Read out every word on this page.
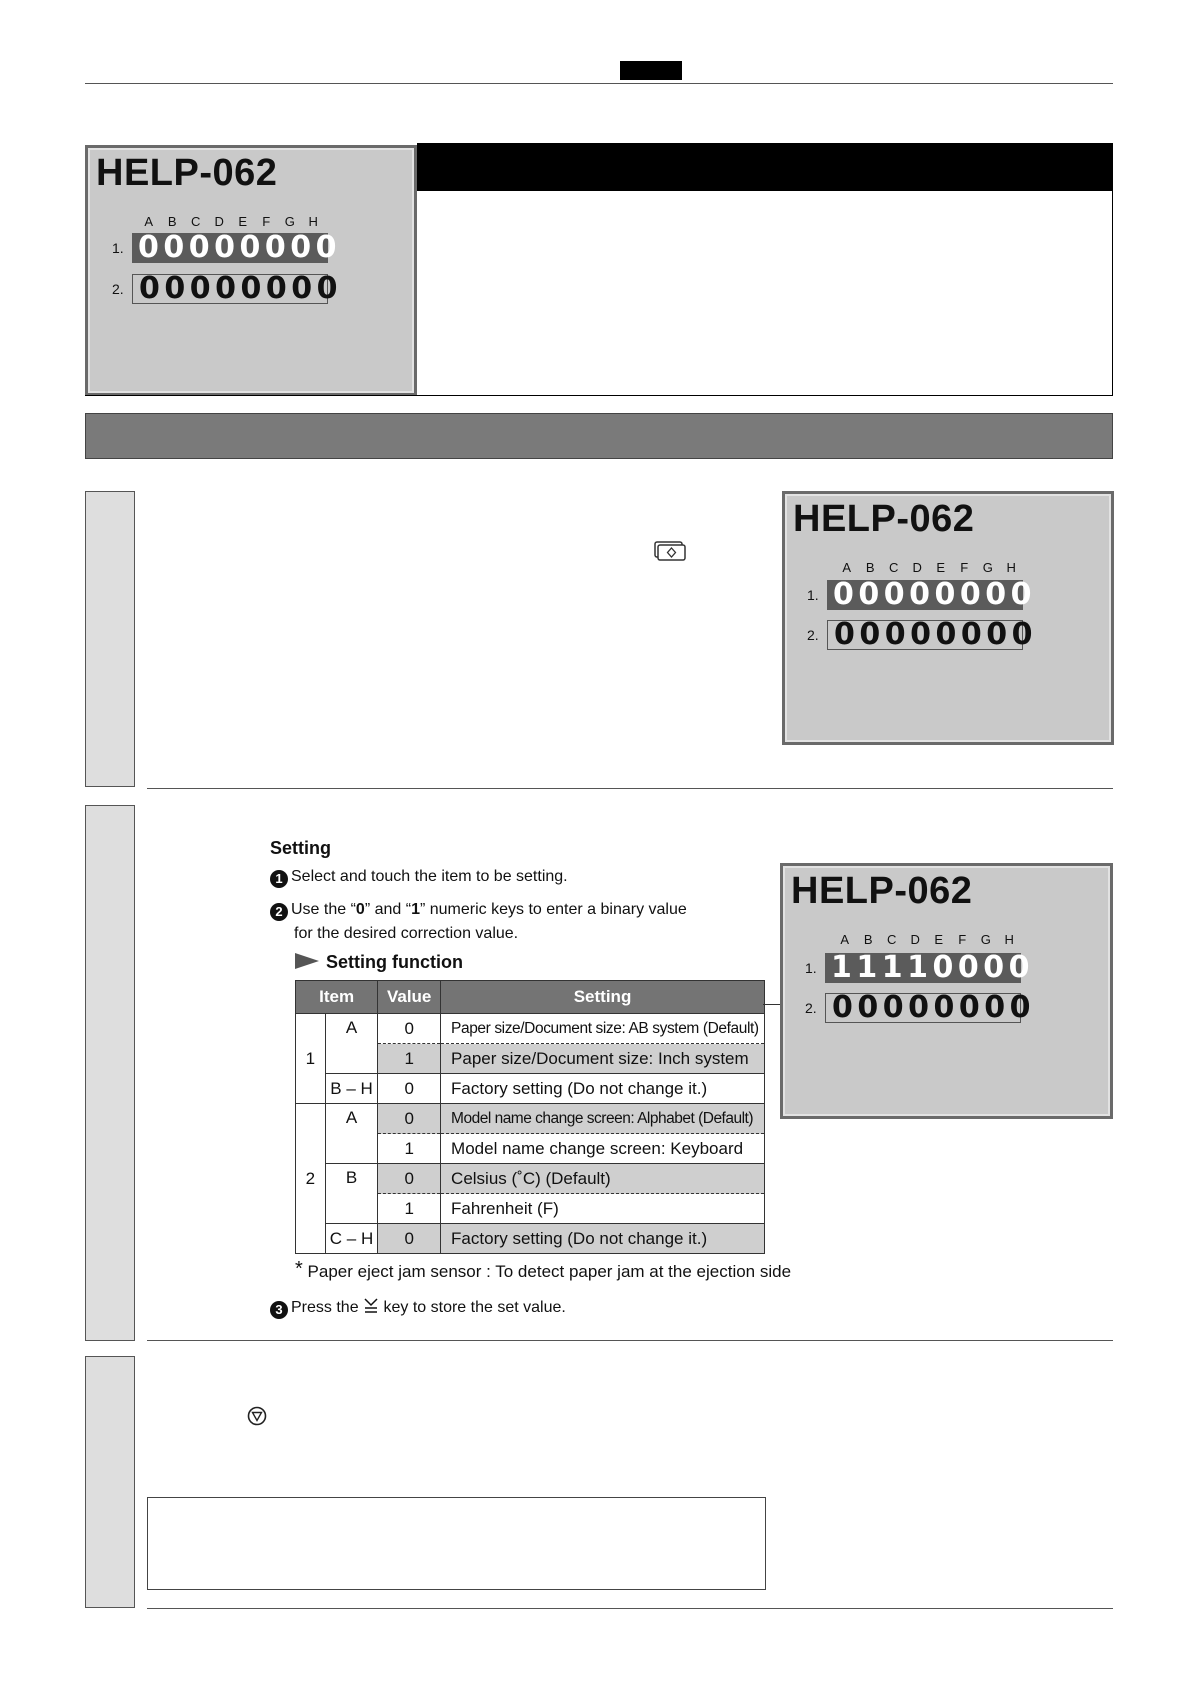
HELP-062
A	B	C	D	E	F	G	H
1. 00000000
2. 00000000
HELP-062
A	B	C	D	E	F	G	H
1. 00000000
2. 00000000
Setting
1 Select and touch the item to be setting.
2 Use the “0” and “1” numeric keys to enter a binary value
for the desired correction value.
Setting function
Item		Value	Setting
1	A	0	Paper size/Document size: AB system (Default)
		1	Paper size/Document size: Inch system
	B – H	0	Factory setting (Do not change it.)
2	A	0	Model name change screen: Alphabet (Default)
		1	Model name change screen: Keyboard
	B	0	Celsius (˚C) (Default)
		1	Fahrenheit (F)
	C – H	0	Factory setting (Do not change it.)
* Paper eject jam sensor : To detect paper jam at the ejection side
3 Press the key to store the set value.
HELP-062
A	B	C	D	E	F	G	H
1. 11110000
2. 00000000
